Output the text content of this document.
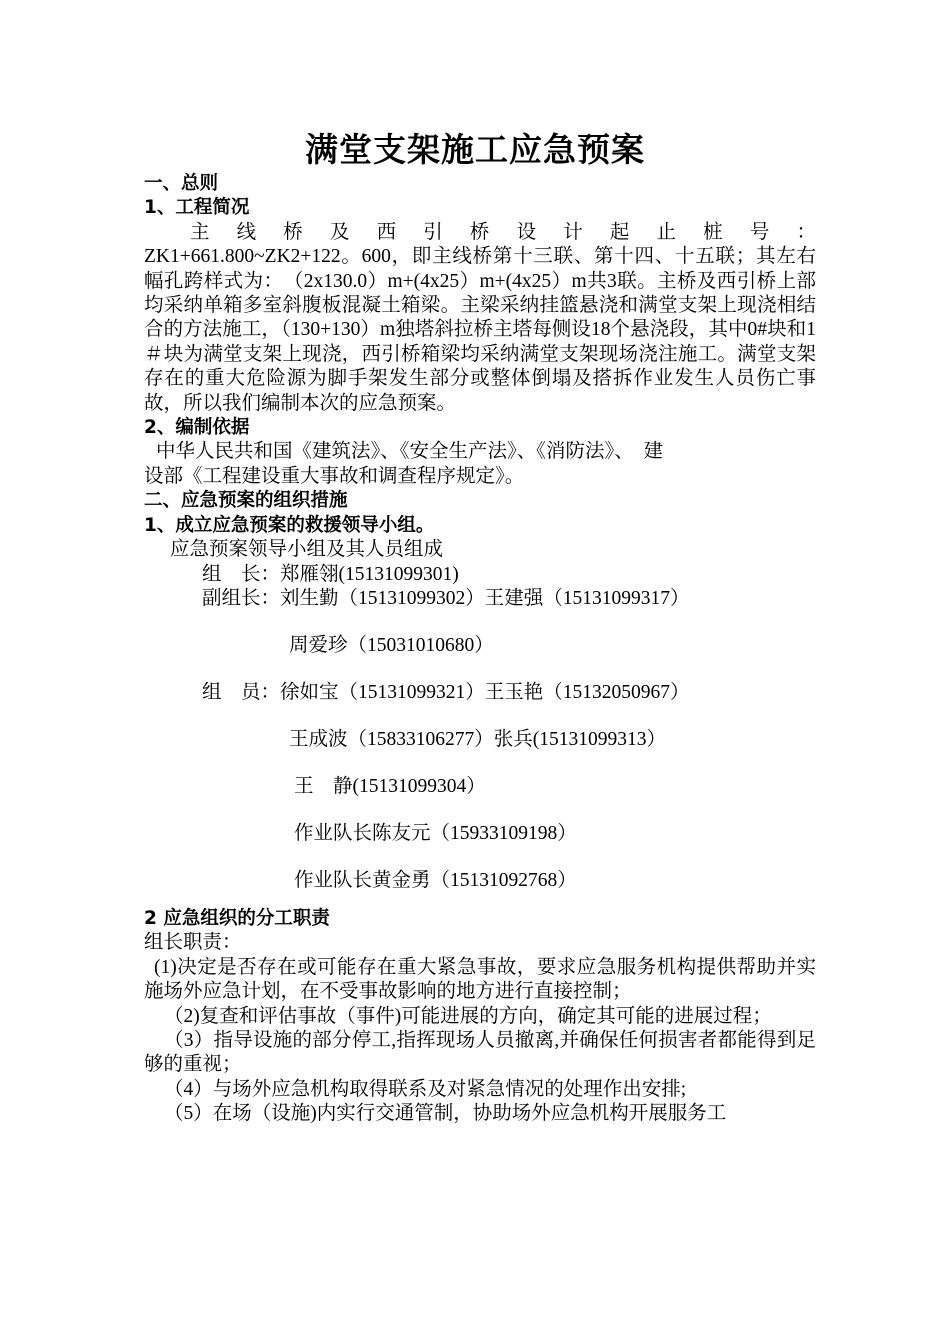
满堂支架施工应急预案
一、总则
1、工程简况
主线桥及西引桥设计起止桩号：
ZK1+661.800~ZK2+122。600，即主线桥第十三联、第十四、十五联；其左右幅孔跨样式为：　（2x130.0）m+(4x25）m+(4x25）m共3联。主桥及西引桥上部均采纳单箱多室斜腹板混凝土箱梁。主梁采纳挂篮悬浇和满堂支架上现浇相结合的方法施工，（130+130）m独塔斜拉桥主塔每侧设18个悬浇段，其中0#块和1＃块为满堂支架上现浇，西引桥箱梁均采纳满堂支架现场浇注施工。满堂支架存在的重大危险源为脚手架发生部分或整体倒塌及搭拆作业发生人员伤亡事故，所以我们编制本次的应急预案。
2、编制依据
中华人民共和国《建筑法》、《安全生产法》、《消防法》、　建
设部《工程建设重大事故和调查程序规定》。
二、应急预案的组织措施
1、成立应急预案的救援领导小组。
应急预案领导小组及其人员组成
组　长：郑雁翎(15131099301)
副组长：刘生勤（15131099302）王建强（15131099317）
周爱珍（15031010680）
组　员：徐如宝（15131099321）王玉艳（15132050967）
王成波（15833106277）张兵(15131099313）
王　静(15131099304）
作业队长陈友元（15933109198）
作业队长黄金勇（15131092768）
2 应急组织的分工职责
组长职责：
(1)决定是否存在或可能存在重大紧急事故，要求应急服务机构提供帮助并实施场外应急计划，在不受事故影响的地方进行直接控制；
（2)复查和评估事故（事件)可能进展的方向，确定其可能的进展过程；
（3）指导设施的部分停工,指挥现场人员撤离,并确保任何损害者都能得到足够的重视；
（4）与场外应急机构取得联系及对紧急情况的处理作出安排;
（5）在场（设施)内实行交通管制，协助场外应急机构开展服务工
